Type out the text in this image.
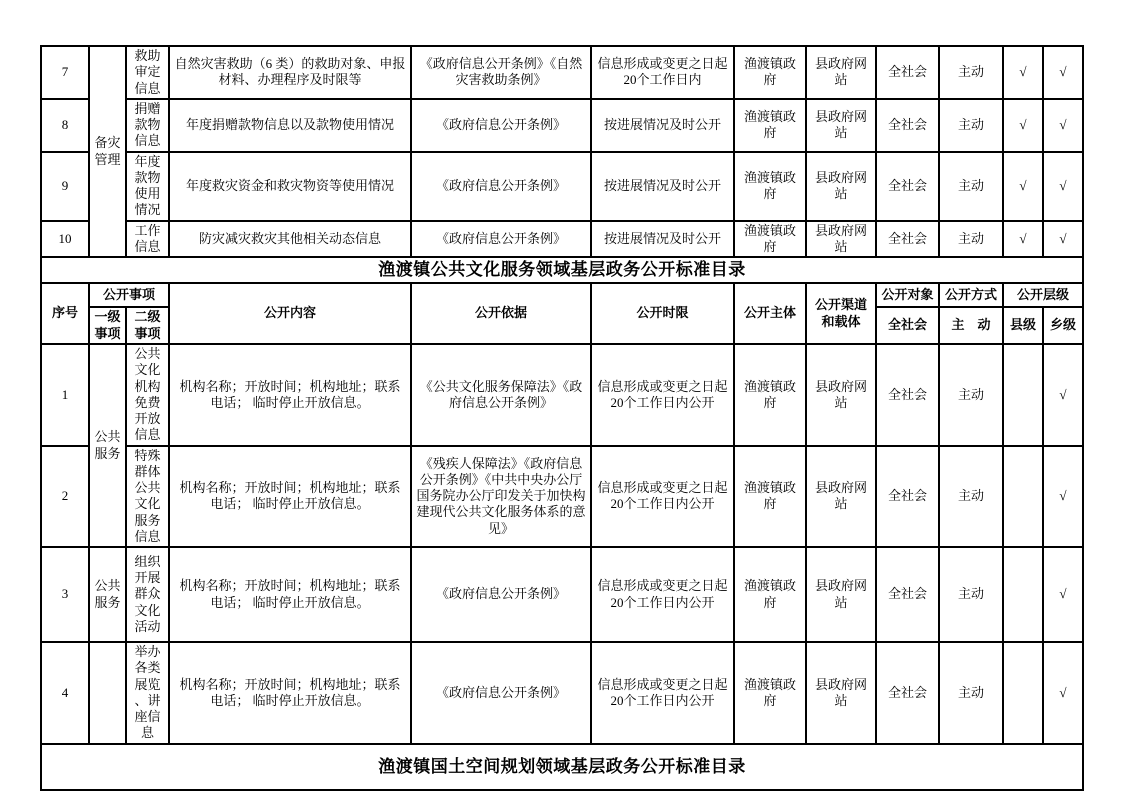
7	备灾管理	救助审定信息	自然灾害救助（6 类）的救助对象、申报材料、办理程序及时限等	《政府信息公开条例》《自然灾害救助条例》	信息形成或变更之日起20个工作日内	渔渡镇政府	县政府网站	全社会	主动	√	√
8		捐赠款物信息	年度捐赠款物信息以及款物使用情况	《政府信息公开条例》	按进展情况及时公开	渔渡镇政府	县政府网站	全社会	主动	√	√
9		年度款物使用情况	年度救灾资金和救灾物资等使用情况	《政府信息公开条例》	按进展情况及时公开	渔渡镇政府	县政府网站	全社会	主动	√	√
10		工作信息	防灾减灾救灾其他相关动态信息	《政府信息公开条例》	按进展情况及时公开	渔渡镇政府	县政府网站	全社会	主动	√	√
渔渡镇公共文化服务领域基层政务公开标准目录											
序号	公开事项		公开内容	公开依据	公开时限	公开主体	公开渠道和载体	公开对象	公开方式	公开层级	
	一级事项	二级事项						全社会	主　动	县级	乡级
1	公共服务	公共文化机构免费开放信息	机构名称；开放时间；机构地址；联系电话； 临时停止开放信息。	《公共文化服务保障法》《政府信息公开条例》	信息形成或变更之日起20个工作日内公开	渔渡镇政府	县政府网站	全社会	主动		√
2		特殊群体公共文化服务信息	机构名称；开放时间；机构地址；联系电话； 临时停止开放信息。	《残疾人保障法》《政府信息公开条例》《中共中央办公厅国务院办公厅印发关于加快构建现代公共文化服务体系的意见》	信息形成或变更之日起20个工作日内公开	渔渡镇政府	县政府网站	全社会	主动		√
3	公共服务	组织开展群众文化活动	机构名称；开放时间；机构地址；联系电话； 临时停止开放信息。	《政府信息公开条例》	信息形成或变更之日起20个工作日内公开	渔渡镇政府	县政府网站	全社会	主动		√
4		举办各类展览、讲座信息	机构名称；开放时间；机构地址；联系电话； 临时停止开放信息。	《政府信息公开条例》	信息形成或变更之日起20个工作日内公开	渔渡镇政府	县政府网站	全社会	主动		√
渔渡镇国土空间规划领域基层政务公开标准目录											
